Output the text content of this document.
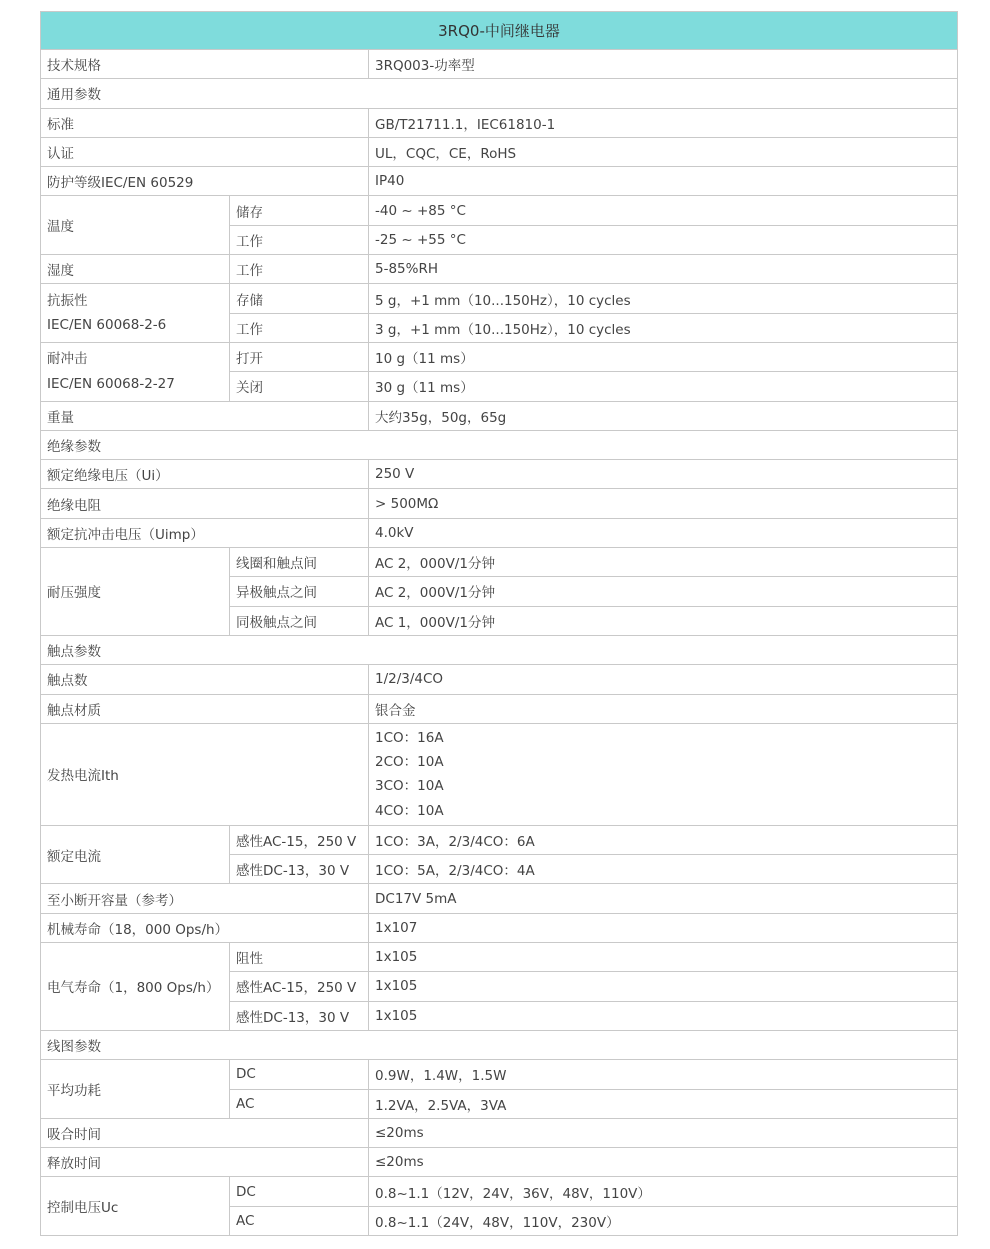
3RQ0-中间继电器		
技术规格		3RQ003-功率型
通用参数		
标准		GB/T21711.1，IEC61810-1
认证		UL，CQC，CE，RoHS
防护等级IEC/EN 60529		IP40
温度	储存	-40 ~ +85 °C
	工作	-25 ~ +55 °C
湿度	工作	5-85%RH

抗振性
IEC/EN 60068-2-6	存储	5 g，+1 mm（10...150Hz），10 cycles
	工作	3 g，+1 mm（10...150Hz），10 cycles

耐冲击
IEC/EN 60068-2-27	打开	10 g（11 ms）
	关闭	30 g（11 ms）
重量		大约35g，50g，65g
绝缘参数		
额定绝缘电压（Ui）		250 V
绝缘电阻		> 500MΩ
额定抗冲击电压（Uimp）		4.0kV
耐压强度	线圈和触点间	AC 2，000V/1分钟
	异极触点之间	AC 2，000V/1分钟
	同极触点之间	AC 1，000V/1分钟
触点参数		
触点数		1/2/3/4CO
触点材质		银合金
发热电流Ith		1CO：16A
2CO：10A
3CO：10A
4CO：10A

额定电流	感性AC-15，250 V	1CO：3A，2/3/4CO：6A
	感性DC-13，30 V	1CO：5A，2/3/4CO：4A
至小断开容量（参考）		DC17V 5mA
机械寿命（18，000 Ops/h）		1x107
电气寿命（1，800 Ops/h）	阻性	1x105
	感性AC-15，250 V	1x105
	感性DC-13，30 V	1x105
线图参数		
平均功耗	DC	0.9W，1.4W，1.5W
	AC	1.2VA，2.5VA，3VA
吸合时间		≤20ms
释放时间		≤20ms
控制电压Uc	DC	0.8~1.1（12V，24V，36V，48V，110V）
	AC	0.8~1.1（24V，48V，110V，230V）
